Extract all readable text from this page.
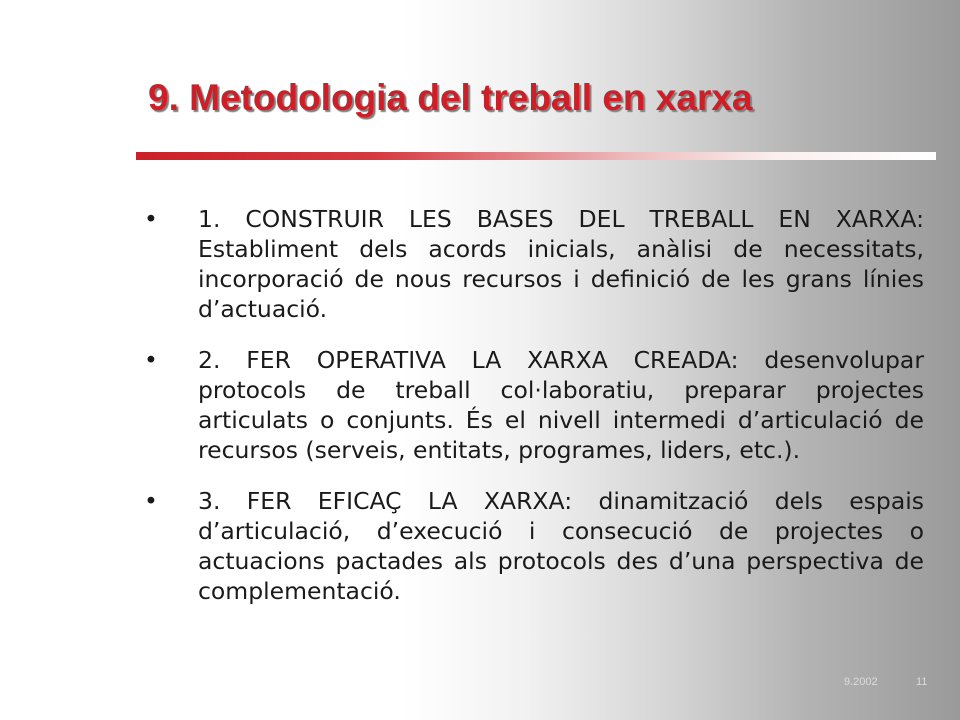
9. Metodologia del treball en xarxa
• 1. CONSTRUIR LES BASES DEL TREBALL EN XARXA: Establiment dels acords inicials, anàlisi de necessitats, incorporació de nous recursos i definició de les grans línies d’actuació.
• 2. FER OPERATIVA LA XARXA CREADA: desenvolupar protocols de treball col·laboratiu, preparar projectes articulats o conjunts. És el nivell intermedi d’articulació de recursos (serveis, entitats, programes, liders, etc.).
• 3. FER EFICAÇ LA XARXA: dinamització dels espais d’articulació, d’execució i consecució de projectes o actuacions pactades als protocols des d’una perspectiva de complementació.
9.2002	11
